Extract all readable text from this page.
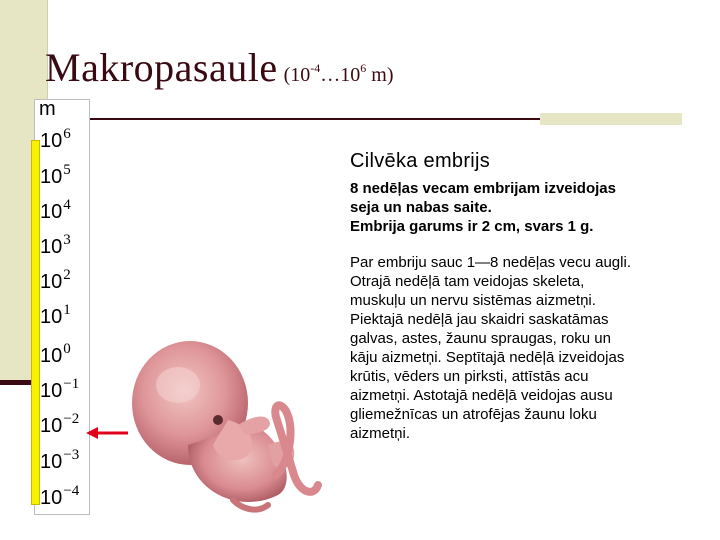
Makropasaule ($10^{-4}\dots 10^6$ m)
m
$10^6$
$10^5$
$10^4$
$10^3$
$10^2$
$10^1$
$10^0$
$10^{-1}$
$10^{-2}$
$10^{-3}$
$10^{-4}$
Cilvēka embrijs

8 nedēļas vecam embrijam izveidojas
seja un nabas saite.
Embrija garums ir 2 cm, svars 1 g.

Par embriju sauc 1—8 nedēļas vecu augli.
Otrajā nedēļā tam veidojas skeleta,
muskuļu un nervu sistēmas aizmetņi.
Piektajā nedēļā jau skaidri saskatāmas
galvas, astes, žaunu spraugas, roku un
kāju aizmetņi. Septītajā nedēļā izveidojas
krūtis, vēders un pirksti, attīstās acu
aizmetņi. Astotajā nedēļā veidojas ausu
gliemežnīcas un atrofējas žaunu loku
aizmetņi.
